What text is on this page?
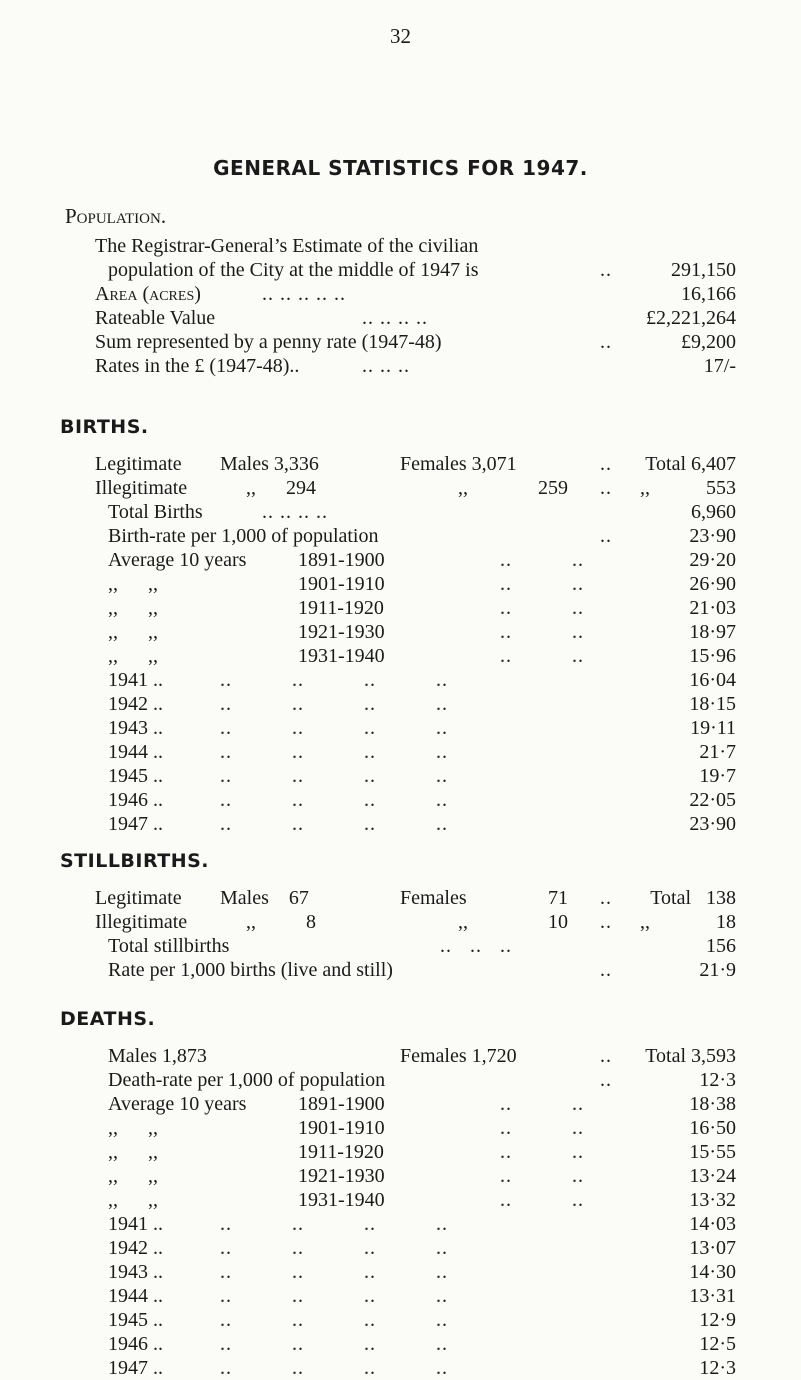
32
GENERAL STATISTICS FOR 1947.
Population.
The Registrar-General’s Estimate of the civilian
population of the City at the middle of 1947 is	..	291,150
Area (acres)	.. .. .. .. ..	16,166
Rateable Value	.. .. .. ..	£2,221,264
Sum represented by a penny rate (1947-48)	..	£9,200
Rates in the £ (1947-48)..	.. .. ..	17/-
BIRTHS.
Legitimate Males 3,336	Females 3,071	.. Total 6,407
Illegitimate	,, 294	,,	259 .. ,,	553
Total Births	.. .. .. ..	6,960
Birth-rate per 1,000 of population	..	23·90
Average 10 years	1891-1900	..          ..	29·20
,,      ,,	1901-1910	..          ..	26·90
,,      ,,	1911-1920	..          ..	21·03
,,      ,,	1921-1930	..          ..	18·97
,,      ,,	1931-1940	..          ..	15·96
1941 ..	..          ..          ..          ..	16·04
1942 ..	..          ..          ..          ..	18·15
1943 ..	..          ..          ..          ..	19·11
1944 ..	..          ..          ..          ..	21·7
1945 ..	..          ..          ..          ..	19·7
1946 ..	..          ..          ..          ..	22·05
1947 ..	..          ..          ..          ..	23·90
STILLBIRTHS.
Legitimate Males    67	Females	71 .. Total   138
Illegitimate	,,	8	,,	10 .. ,,	18
Total stillbirths	..   ..   ..	156
Rate per 1,000 births (live and still)	..	21·9
DEATHS.
Males 1,873	Females 1,720	.. Total 3,593
Death-rate per 1,000 of population	..	12·3
Average 10 years	1891-1900	..          ..	18·38
,,      ,,	1901-1910	..          ..	16·50
,,      ,,	1911-1920	..          ..	15·55
,,      ,,	1921-1930	..          ..	13·24
,,      ,,	1931-1940	..          ..	13·32
1941 ..	..          ..          ..          ..	14·03
1942 ..	..          ..          ..          ..	13·07
1943 ..	..          ..          ..          ..	14·30
1944 ..	..          ..          ..          ..	13·31
1945 ..	..          ..          ..          ..	12·9
1946 ..	..          ..          ..          ..	12·5
1947 ..	..          ..          ..          ..	12·3
